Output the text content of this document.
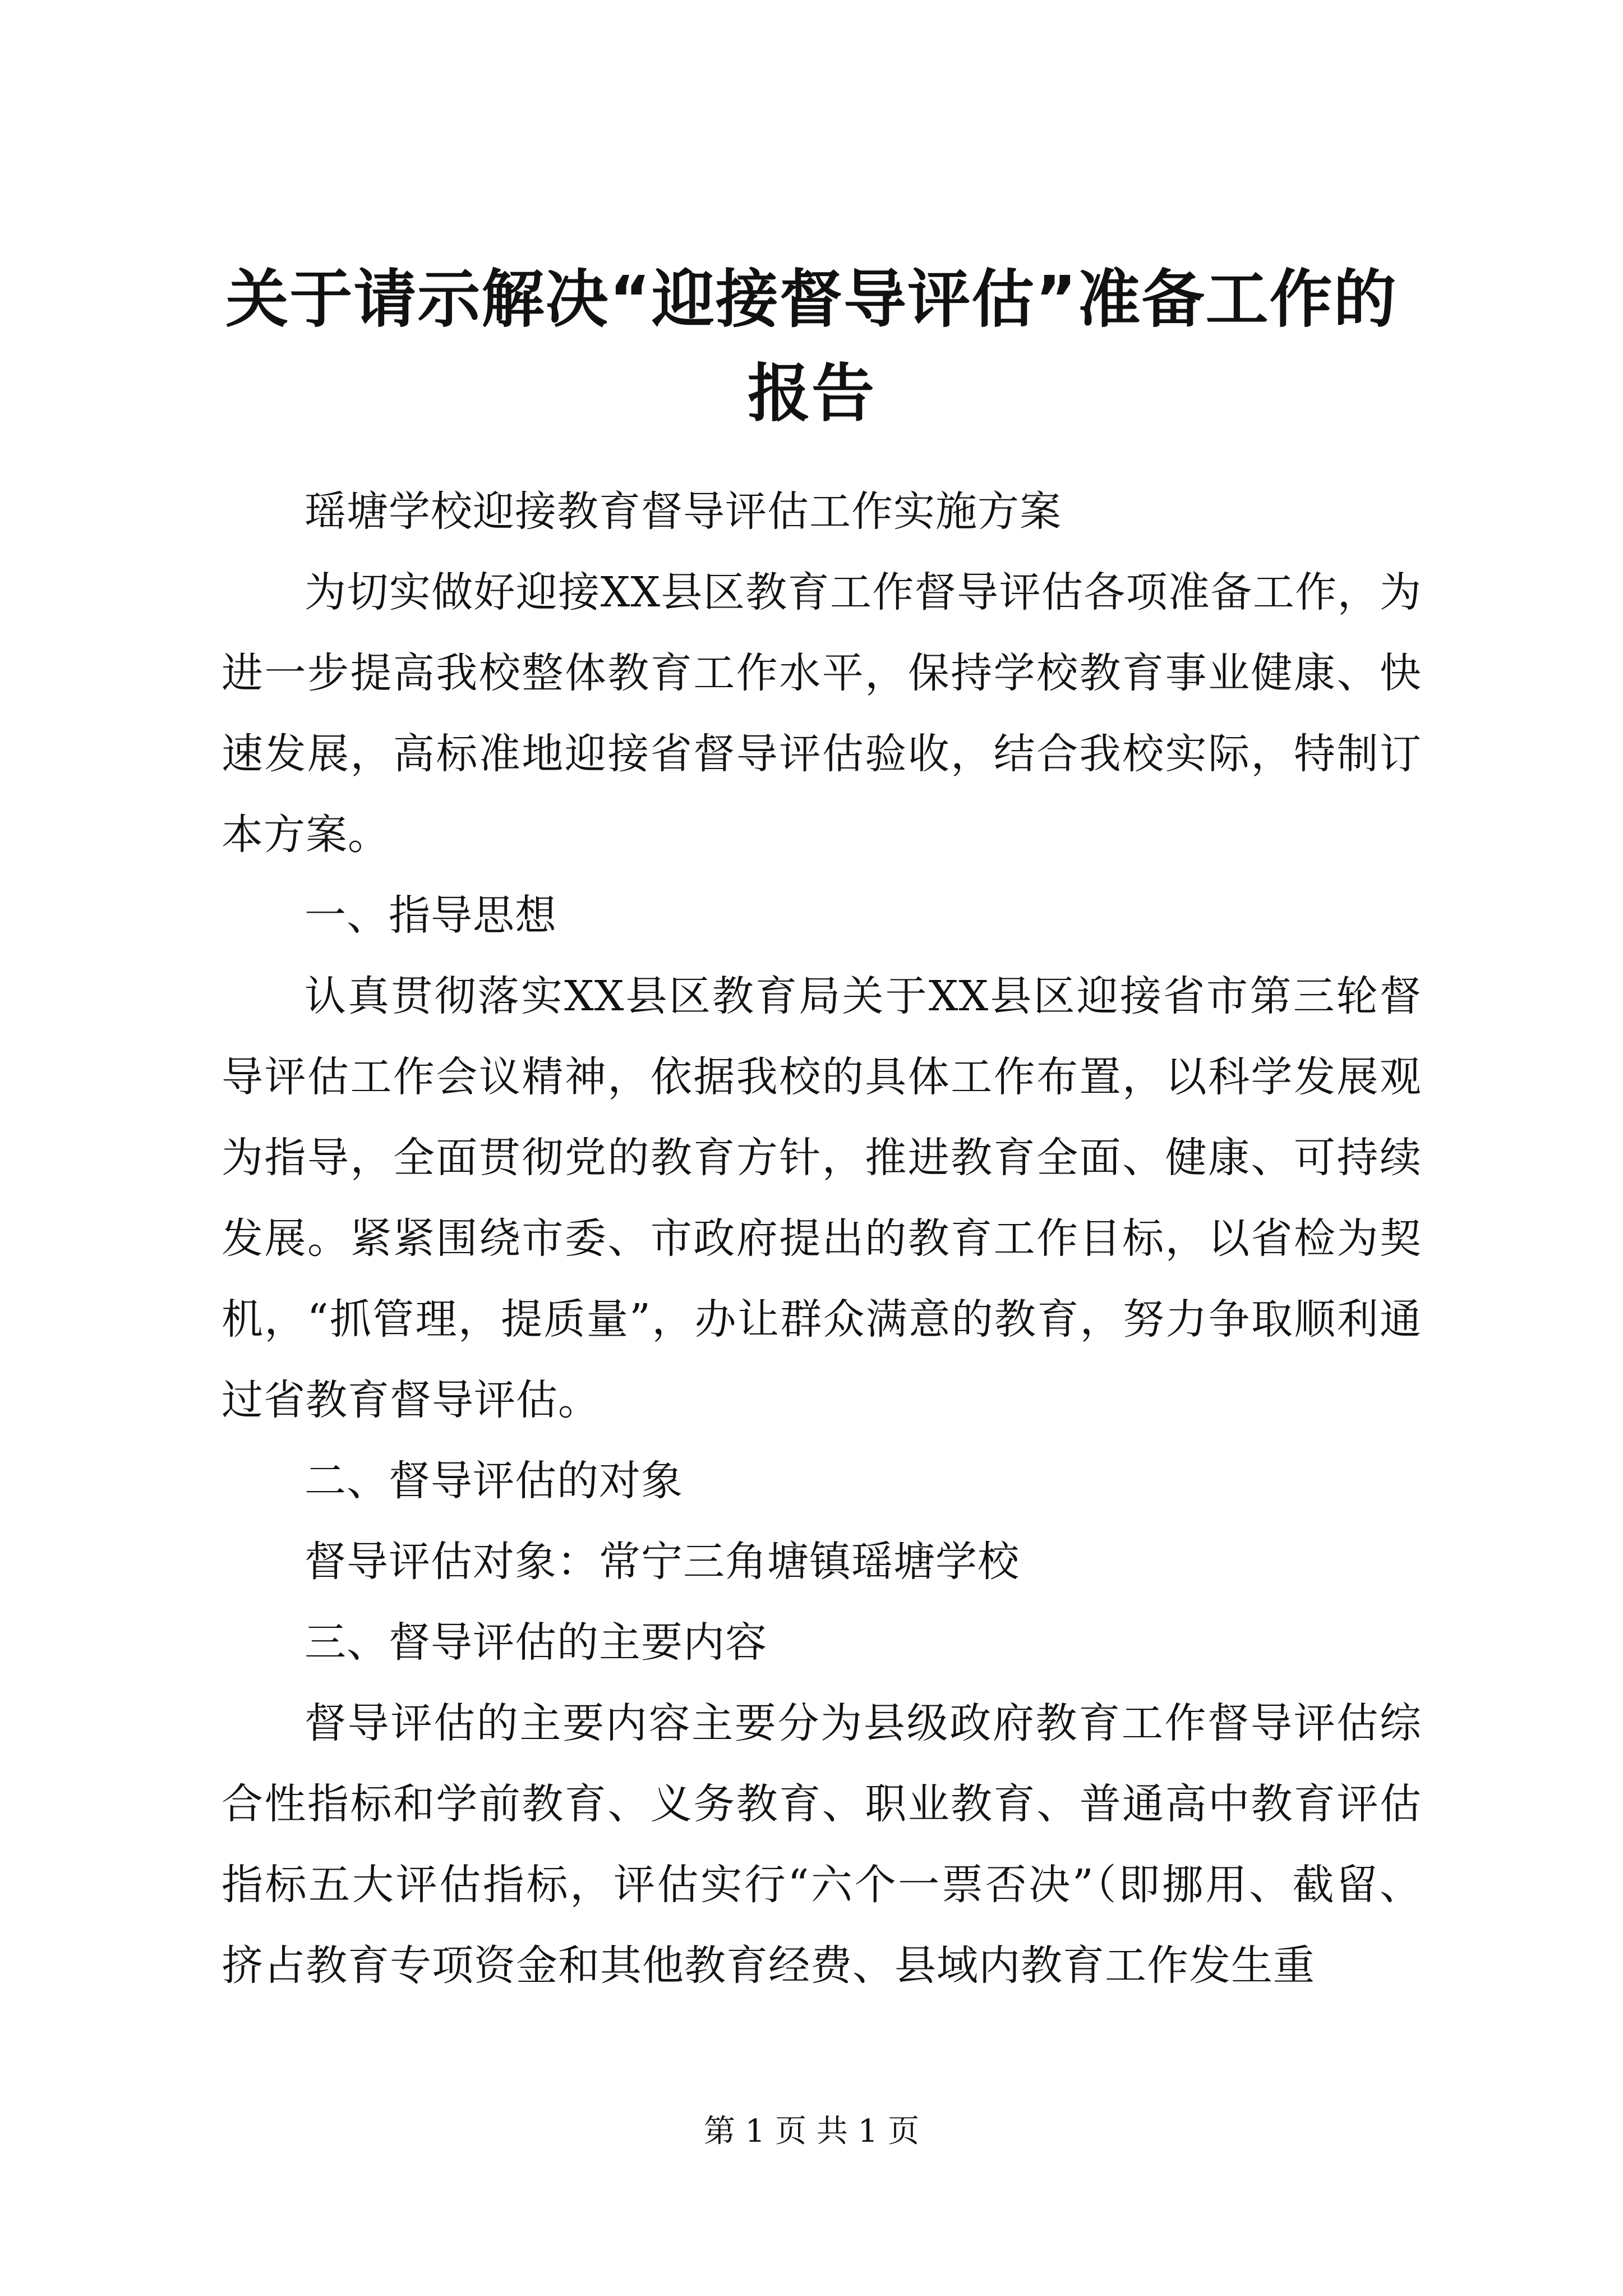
关于请示解决“迎接督导评估”准备工作的报告

瑶塘学校迎接教育督导评估工作实施方案

为切实做好迎接XX县区教育工作督导评估各项准备工作，为进一步提高我校整体教育工作水平，保持学校教育事业健康、快速发展，高标准地迎接省督导评估验收，结合我校实际，特制订本方案。

一、指导思想

认真贯彻落实XX县区教育局关于XX县区迎接省市第三轮督导评估工作会议精神，依据我校的具体工作布置，以科学发展观为指导，全面贯彻党的教育方针，推进教育全面、健康、可持续发展。紧紧围绕市委、市政府提出的教育工作目标，以省检为契机，“抓管理，提质量”，办让群众满意的教育，努力争取顺利通过省教育督导评估。

二、督导评估的对象

督导评估对象：常宁三角塘镇瑶塘学校

三、督导评估的主要内容

督导评估的主要内容主要分为县级政府教育工作督导评估综合性指标和学前教育、义务教育、职业教育、普通高中教育评估指标五大评估指标，评估实行“六个一票否决”（即挪用、截留、挤占教育专项资金和其他教育经费、县域内教育工作发生重

第 1 页 共 1 页
